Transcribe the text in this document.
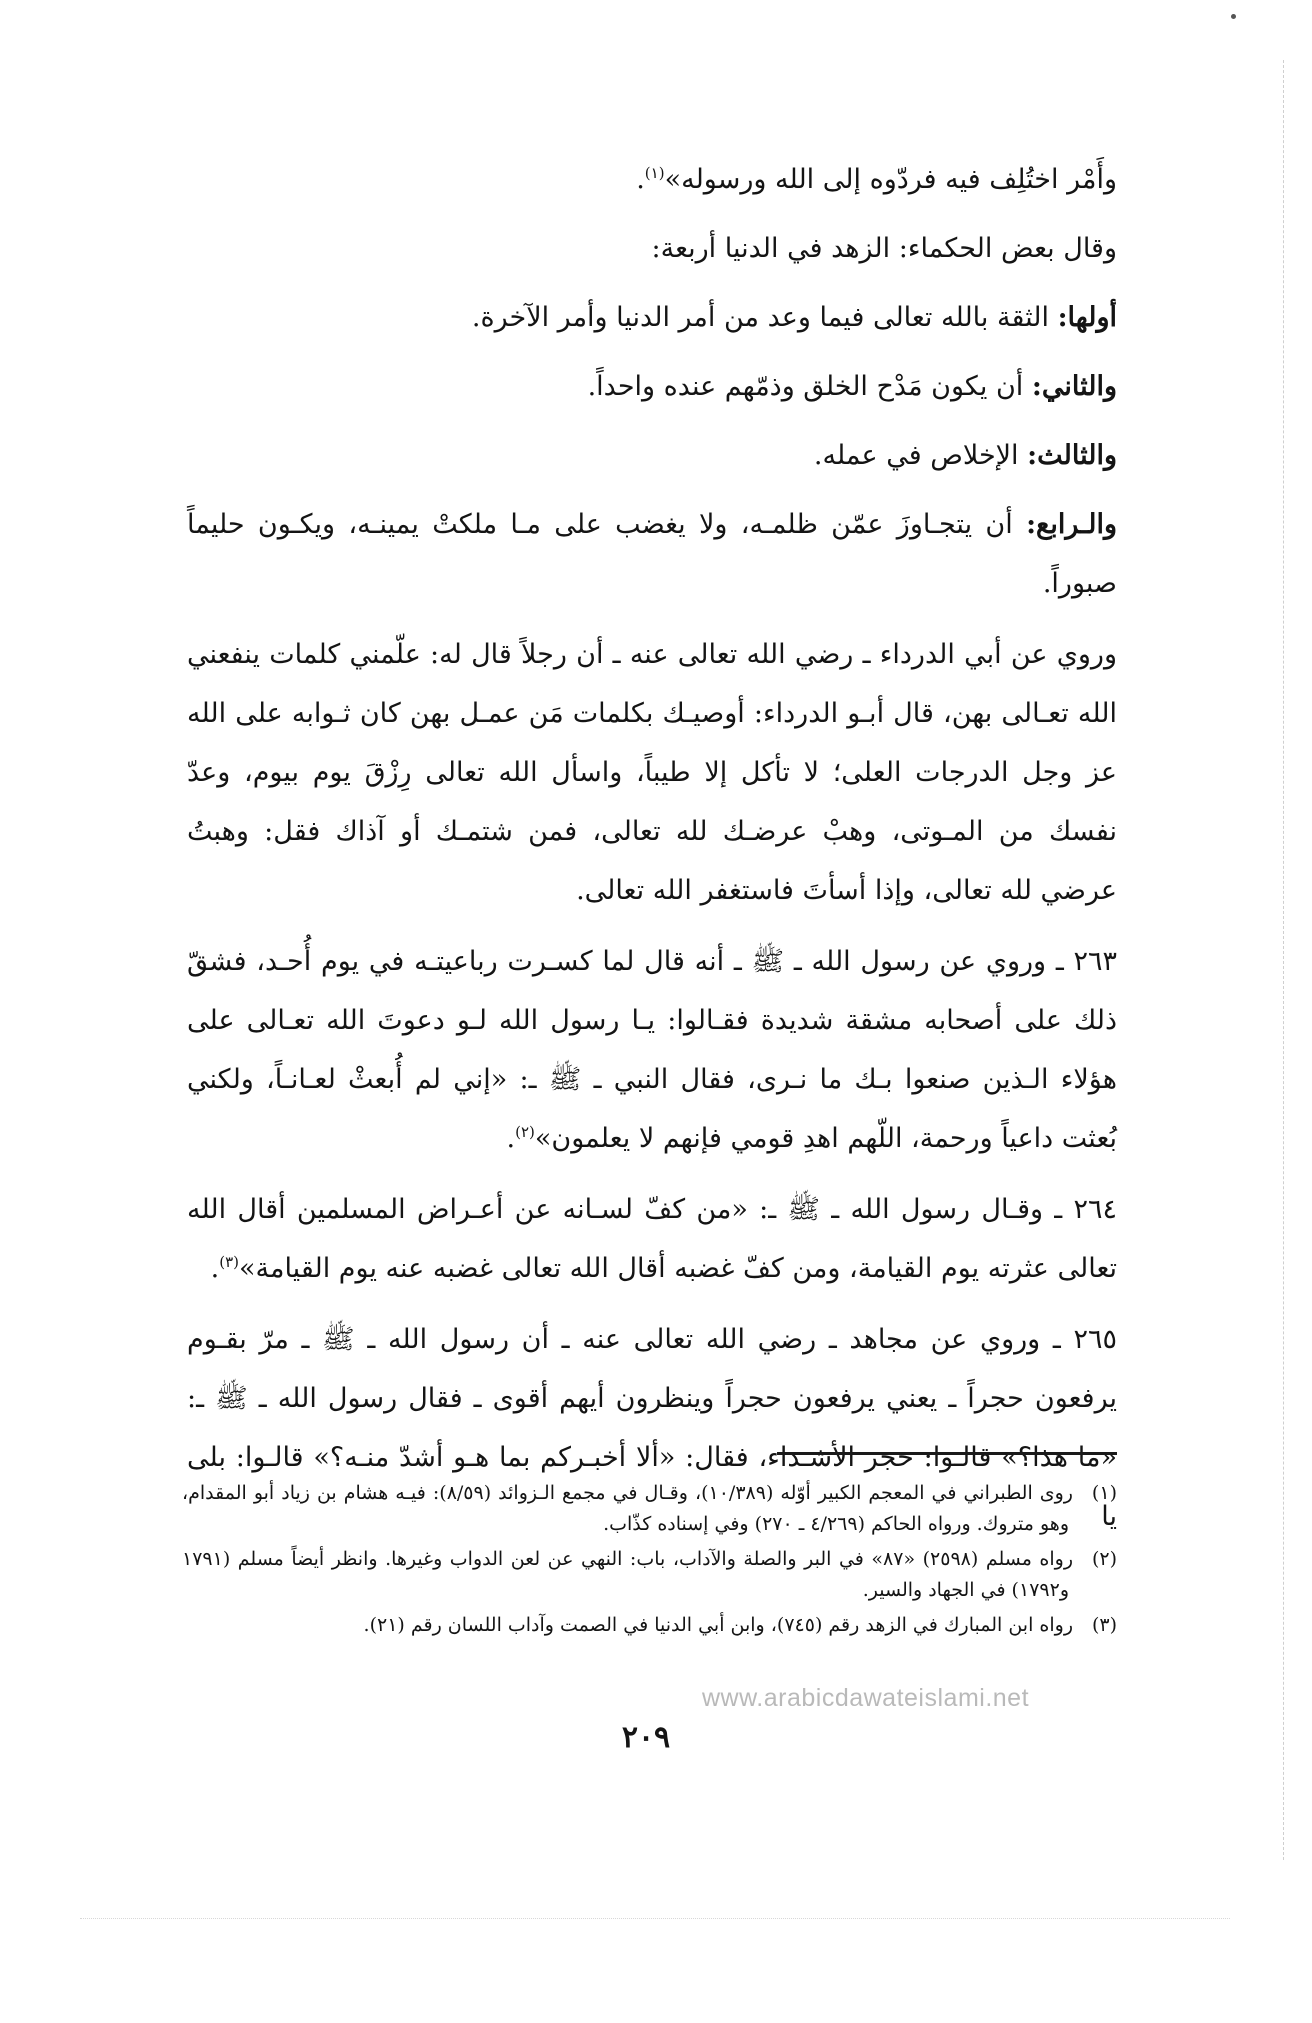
وأَمْر اختُلِف فيه فردّوه إلى الله ورسوله»$^{(١)}$.

وقال بعض الحكماء: الزهد في الدنيا أربعة:

أولها: الثقة بالله تعالى فيما وعد من أمر الدنيا وأمر الآخرة.

والثاني: أن يكون مَدْح الخلق وذمّهم عنده واحداً.

والثالث: الإخلاص في عمله.

والـرابع: أن يتجـاوزَ عمّن ظلمـه، ولا يغضب على مـا ملكتْ يمينـه، ويكـون حليماً صبوراً.

وروي عن أبي الدرداء ـ رضي الله تعالى عنه ـ أن رجلاً قال له: علّمني كلمات ينفعني الله تعـالى بهن، قال أبـو الدرداء: أوصيـك بكلمات مَن عمـل بهن كان ثـوابه على الله عز وجل الدرجات العلى؛ لا تأكل إلا طيباً، واسأل الله تعالى رِزْقَ يوم بيوم، وعدّ نفسك من المـوتى، وهبْ عرضـك لله تعالى، فمن شتمـك أو آذاك فقل: وهبتُ عرضي لله تعالى، وإذا أسأتَ فاستغفر الله تعالى.

٢٦٣ ـ وروي عن رسول الله ـ ﷺ ـ أنه قال لما كسـرت رباعيتـه في يوم أُحـد، فشقّ ذلك على أصحابه مشقة شديدة فقـالوا: يـا رسول الله لـو دعوتَ الله تعـالى على هؤلاء الـذين صنعوا بـك ما نـرى، فقال النبي ـ ﷺ ـ: «إني لم أُبعثْ لعـانـاً، ولكني بُعثت داعياً ورحمة، اللّهم اهدِ قومي فإنهم لا يعلمون»$^{(٢)}$.

٢٦٤ ـ وقـال رسول الله ـ ﷺ ـ: «من كفّ لسـانه عن أعـراض المسلمين أقال الله تعالى عثرته يوم القيامة، ومن كفّ غضبه أقال الله تعالى غضبه عنه يوم القيامة»$^{(٣)}$.

٢٦٥ ـ وروي عن مجاهد ـ رضي الله تعالى عنه ـ أن رسول الله ـ ﷺ ـ مرّ بقـوم يرفعون حجراً ـ يعني يرفعون حجراً وينظرون أيهم أقوى ـ فقال رسول الله ـ ﷺ ـ: «ما هذا؟» قالـوا: حجر الأشـداء، فقال: «ألا أخبـركم بما هـو أشدّ منـه؟» قالـوا: بلى يا

(١)روى الطبراني في المعجم الكبير أوّله (١٠/٣٨٩)، وقـال في مجمع الـزوائد (٨/٥٩): فيـه هشام بن زياد أبو المقدام، وهو متروك. ورواه الحاكم (٤/٢٦٩ ـ ٢٧٠) وفي إسناده كذّاب.

(٢)رواه مسلم (٢٥٩٨) «٨٧» في البر والصلة والآداب، باب: النهي عن لعن الدواب وغيرها. وانظر أيضاً مسلم (١٧٩١ و١٧٩٢) في الجهاد والسير.

(٣)رواه ابن المبارك في الزهد رقم (٧٤٥)، وابن أبي الدنيا في الصمت وآداب اللسان رقم (٢١).

www.arabicdawateislami.net
٢٠٩
